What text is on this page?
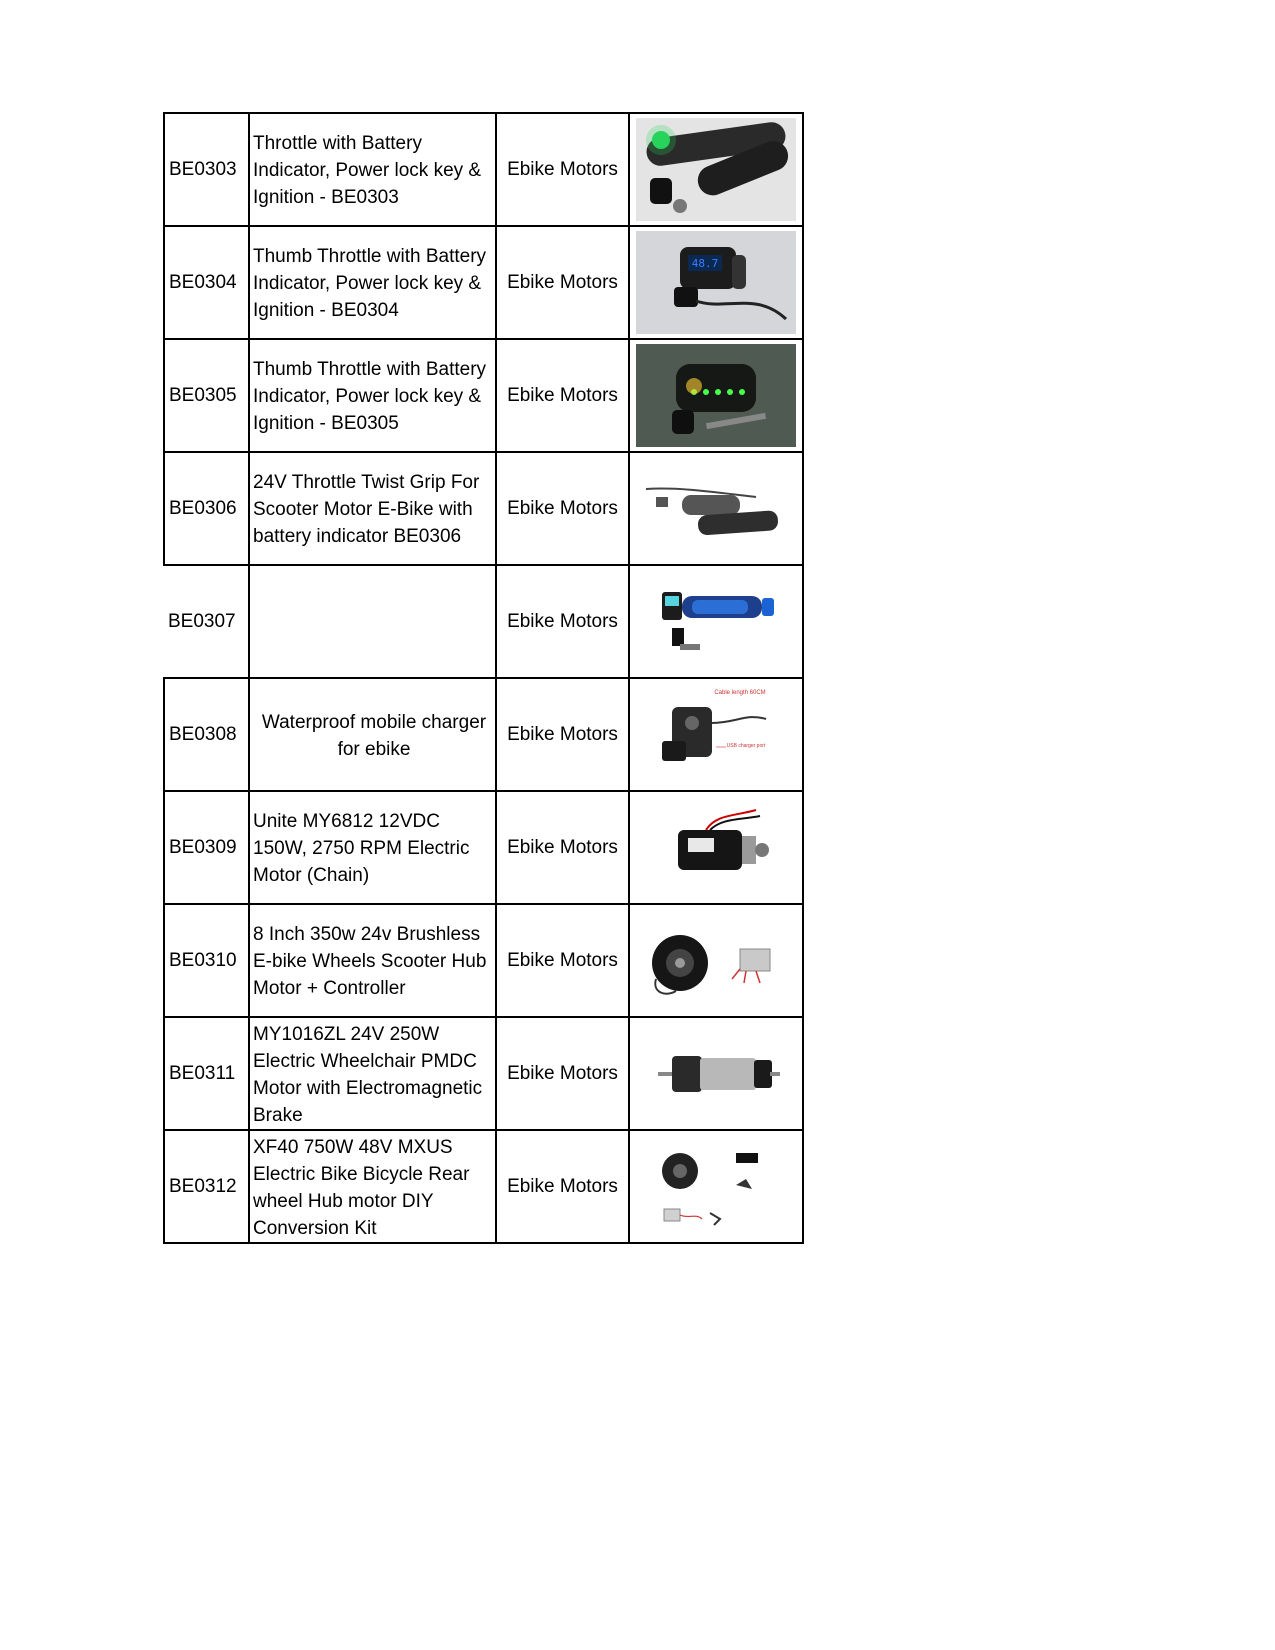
BE0303	Throttle with Battery Indicator, Power lock key & Ignition - BE0303	Ebike Motors	

BE0304	Thumb Throttle with Battery Indicator, Power lock key & Ignition - BE0304	Ebike Motors	48.7

BE0305	Thumb Throttle with Battery Indicator, Power lock key & Ignition - BE0305	Ebike Motors	

BE0306	24V Throttle Twist Grip For Scooter Motor E-Bike with battery indicator BE0306	Ebike Motors	

BE0307		Ebike Motors	

BE0308	Waterproof mobile charger for ebike	Ebike Motors	Cable length 60CM
USB charger port

BE0309	Unite MY6812 12VDC 150W, 2750 RPM Electric Motor (Chain)	Ebike Motors	

BE0310	8 Inch 350w 24v Brushless E-bike Wheels Scooter Hub Motor + Controller	Ebike Motors	

BE0311	MY1016ZL 24V 250W Electric Wheelchair PMDC Motor with Electromagnetic Brake	Ebike Motors	

BE0312	XF40 750W 48V MXUS Electric Bike Bicycle Rear wheel Hub motor DIY Conversion Kit	Ebike Motors	
